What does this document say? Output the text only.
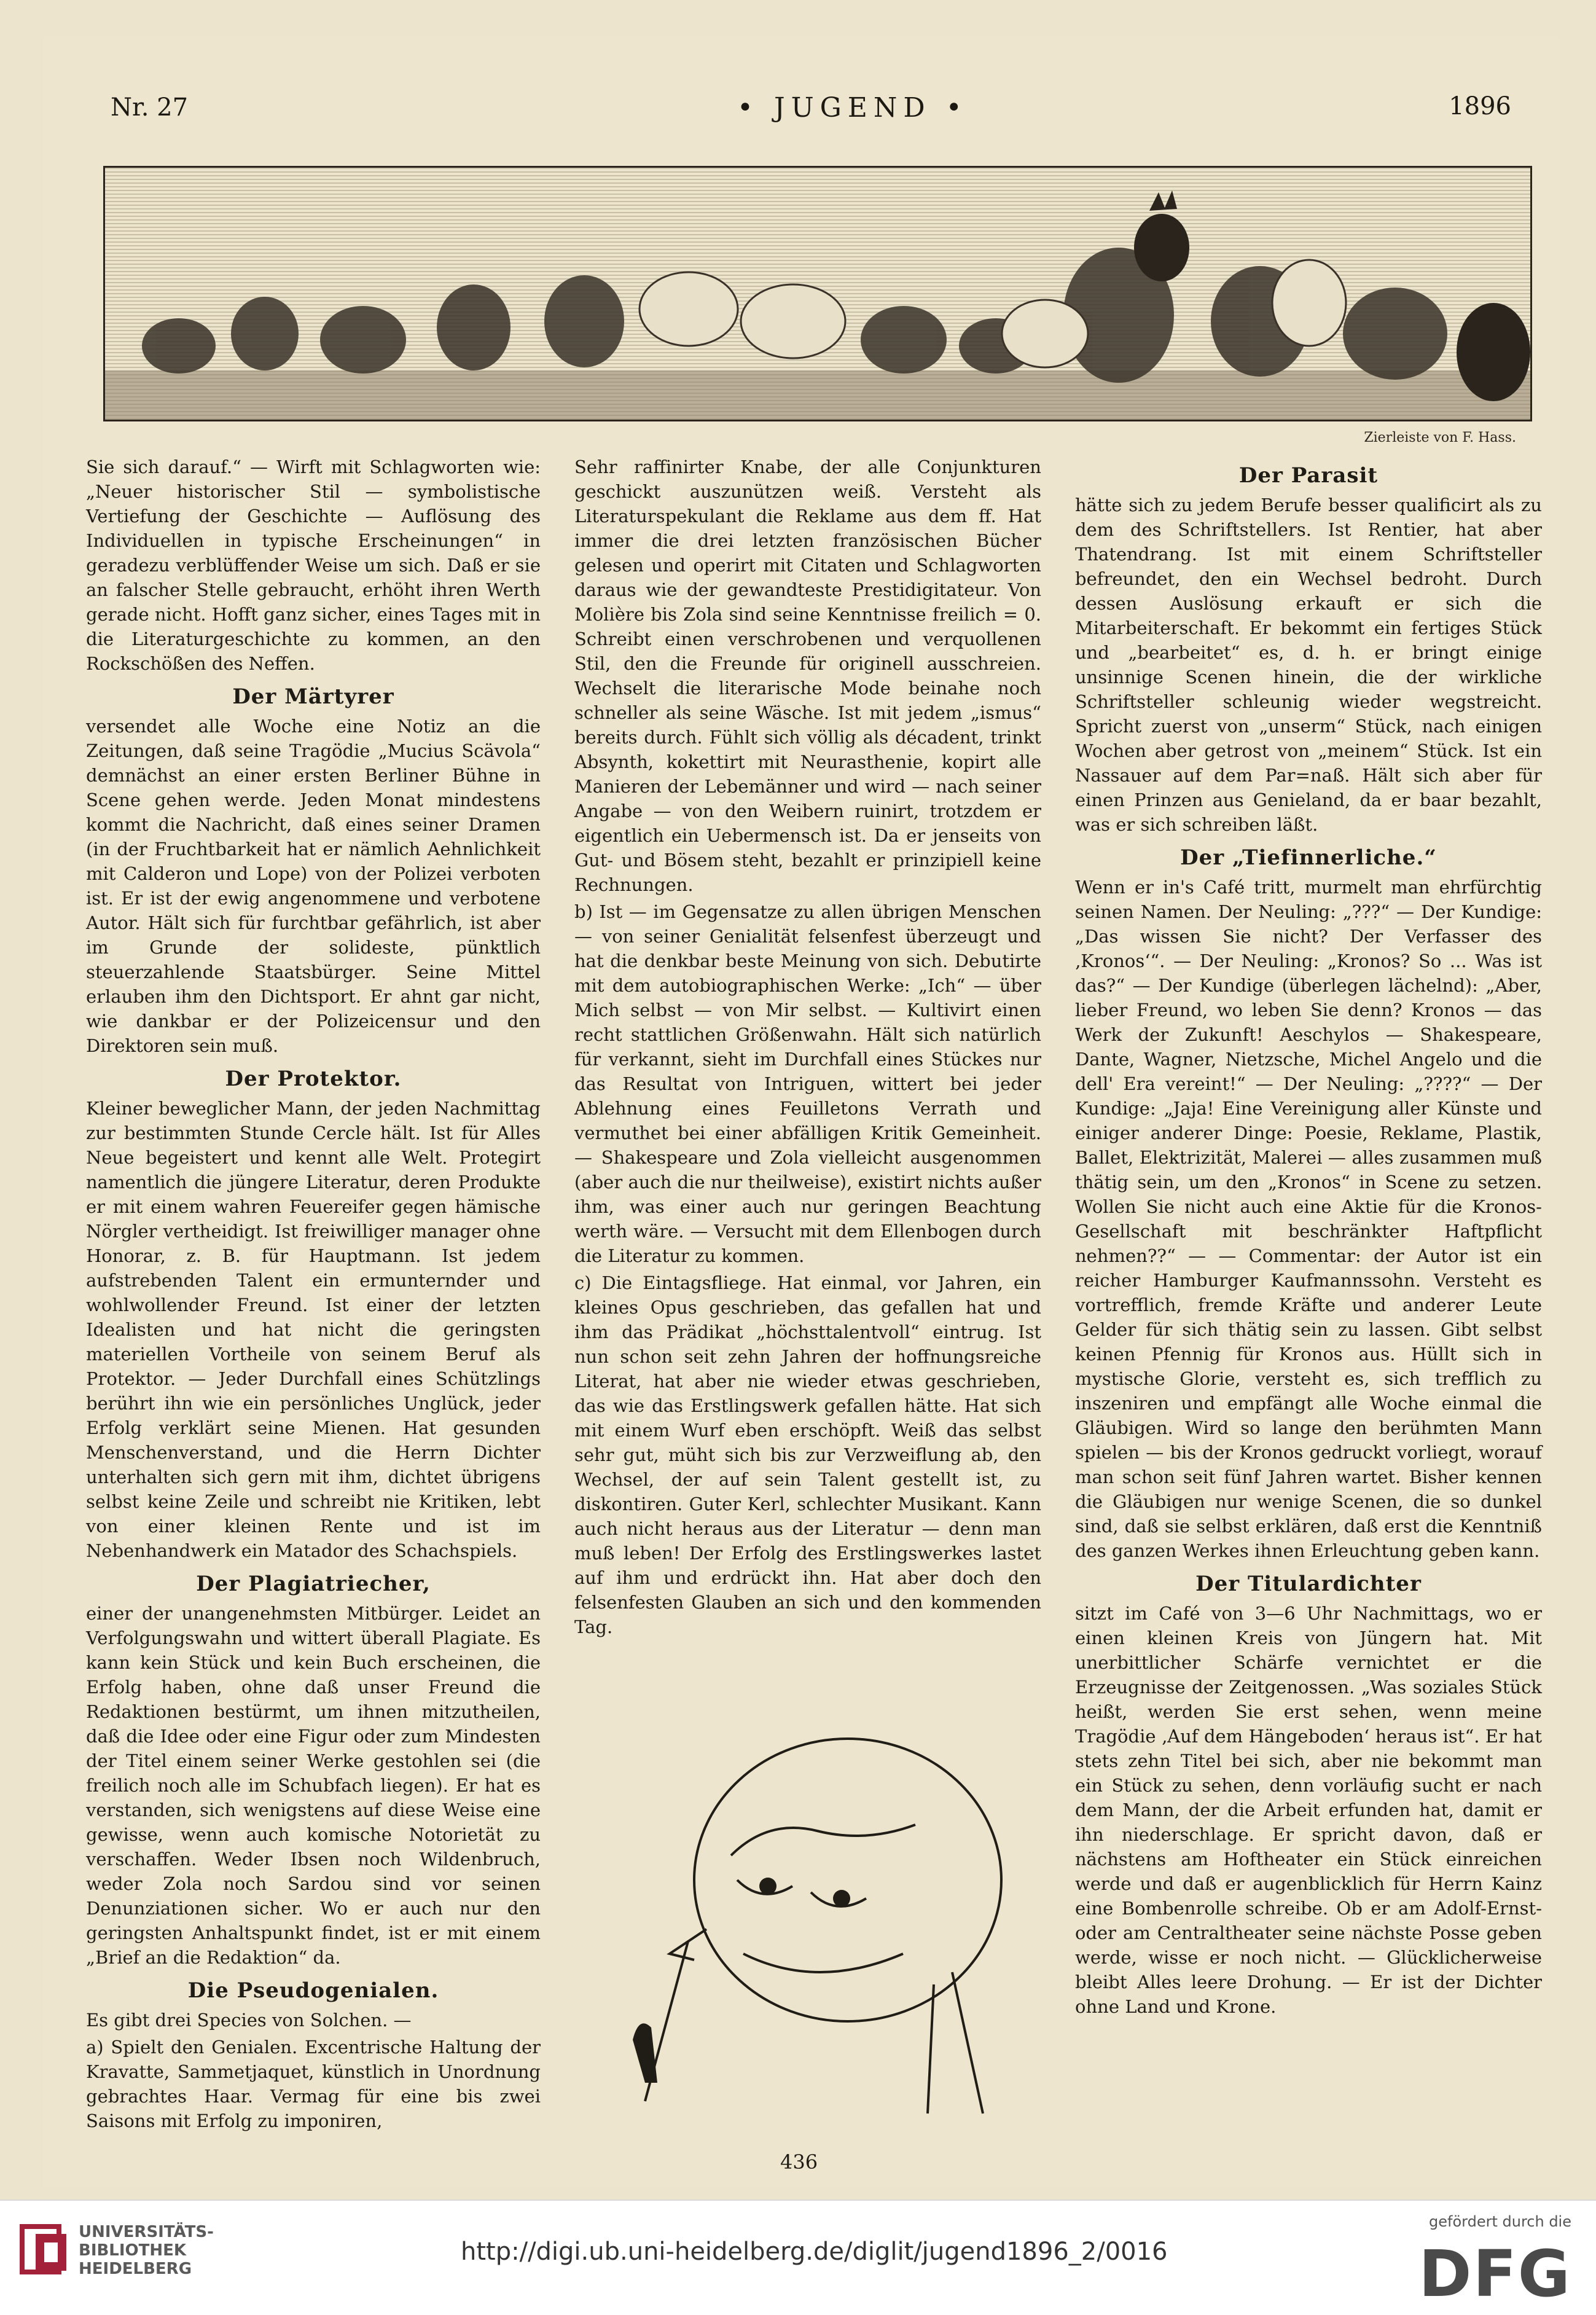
Nr. 27	• JUGEND •	1896
Zierleiste von F. Hass.

Sie sich darauf.“ — Wirft mit Schlagworten wie: „Neuer historischer Stil — symbolistische Vertiefung der Geschichte — Auflösung des Individuellen in typische Erscheinungen“ in geradezu verblüffender Weise um sich. Daß er sie an falscher Stelle gebraucht, erhöht ihren Werth gerade nicht. Hofft ganz sicher, eines Tages mit in die Literaturgeschichte zu kommen, an den Rockschößen des Neffen.

Der Märtyrer

versendet alle Woche eine Notiz an die Zeitungen, daß seine Tragödie „Mucius Scävola“ demnächst an einer ersten Berliner Bühne in Scene gehen werde. Jeden Monat mindestens kommt die Nachricht, daß eines seiner Dramen (in der Fruchtbarkeit hat er nämlich Aehnlichkeit mit Calderon und Lope) von der Polizei verboten ist. Er ist der ewig angenommene und verbotene Autor. Hält sich für furchtbar gefährlich, ist aber im Grunde der solideste, pünktlich steuerzahlende Staatsbürger. Seine Mittel erlauben ihm den Dichtsport. Er ahnt gar nicht, wie dankbar er der Polizeicensur und den Direktoren sein muß.

Der Protektor.

Kleiner beweglicher Mann, der jeden Nachmittag zur bestimmten Stunde Cercle hält. Ist für Alles Neue begeistert und kennt alle Welt. Protegirt namentlich die jüngere Literatur, deren Produkte er mit einem wahren Feuereifer gegen hämische Nörgler vertheidigt. Ist freiwilliger manager ohne Honorar, z. B. für Hauptmann. Ist jedem aufstrebenden Talent ein ermunternder und wohlwollender Freund. Ist einer der letzten Idealisten und hat nicht die geringsten materiellen Vortheile von seinem Beruf als Protektor. — Jeder Durchfall eines Schützlings berührt ihn wie ein persönliches Unglück, jeder Erfolg verklärt seine Mienen. Hat gesunden Menschenverstand, und die Herrn Dichter unterhalten sich gern mit ihm, dichtet übrigens selbst keine Zeile und schreibt nie Kritiken, lebt von einer kleinen Rente und ist im Nebenhandwerk ein Matador des Schachspiels.

Der Plagiatriecher,

einer der unangenehmsten Mitbürger. Leidet an Verfolgungswahn und wittert überall Plagiate. Es kann kein Stück und kein Buch erscheinen, die Erfolg haben, ohne daß unser Freund die Redaktionen bestürmt, um ihnen mitzutheilen, daß die Idee oder eine Figur oder zum Mindesten der Titel einem seiner Werke gestohlen sei (die freilich noch alle im Schubfach liegen). Er hat es verstanden, sich wenigstens auf diese Weise eine gewisse, wenn auch komische Notorietät zu verschaffen. Weder Ibsen noch Wildenbruch, weder Zola noch Sardou sind vor seinen Denunziationen sicher. Wo er auch nur den geringsten Anhaltspunkt findet, ist er mit einem „Brief an die Redaktion“ da.

Die Pseudogenialen.

Es gibt drei Species von Solchen. —

a) Spielt den Genialen. Excentrische Haltung der Kravatte, Sammetjaquet, künstlich in Unordnung gebrachtes Haar. Vermag für eine bis zwei Saisons mit Erfolg zu imponiren,

Sehr raffinirter Knabe, der alle Conjunkturen geschickt auszunützen weiß. Versteht als Literaturspekulant die Reklame aus dem ff. Hat immer die drei letzten französischen Bücher gelesen und operirt mit Citaten und Schlagworten daraus wie der gewandteste Prestidigitateur. Von Molière bis Zola sind seine Kenntnisse freilich = 0. Schreibt einen verschrobenen und verquollenen Stil, den die Freunde für originell ausschreien. Wechselt die literarische Mode beinahe noch schneller als seine Wäsche. Ist mit jedem „ismus“ bereits durch. Fühlt sich völlig als décadent, trinkt Absynth, kokettirt mit Neurasthenie, kopirt alle Manieren der Lebemänner und wird — nach seiner Angabe — von den Weibern ruinirt, trotzdem er eigentlich ein Uebermensch ist. Da er jenseits von Gut- und Bösem steht, bezahlt er prinzipiell keine Rechnungen.

b) Ist — im Gegensatze zu allen übrigen Menschen — von seiner Genialität felsenfest überzeugt und hat die denkbar beste Meinung von sich. Debutirte mit dem autobiographischen Werke: „Ich“ — über Mich selbst — von Mir selbst. — Kultivirt einen recht stattlichen Größenwahn. Hält sich natürlich für verkannt, sieht im Durchfall eines Stückes nur das Resultat von Intriguen, wittert bei jeder Ablehnung eines Feuilletons Verrath und vermuthet bei einer abfälligen Kritik Gemeinheit. — Shakespeare und Zola vielleicht ausgenommen (aber auch die nur theilweise), existirt nichts außer ihm, was einer auch nur geringen Beachtung werth wäre. — Versucht mit dem Ellenbogen durch die Literatur zu kommen.

c) Die Eintagsfliege. Hat einmal, vor Jahren, ein kleines Opus geschrieben, das gefallen hat und ihm das Prädikat „höchsttalentvoll“ eintrug. Ist nun schon seit zehn Jahren der hoffnungsreiche Literat, hat aber nie wieder etwas geschrieben, das wie das Erstlingswerk gefallen hätte. Hat sich mit einem Wurf eben erschöpft. Weiß das selbst sehr gut, müht sich bis zur Verzweiflung ab, den Wechsel, der auf sein Talent gestellt ist, zu diskontiren. Guter Kerl, schlechter Musikant. Kann auch nicht heraus aus der Literatur — denn man muß leben! Der Erfolg des Erstlingswerkes lastet auf ihm und erdrückt ihn. Hat aber doch den felsenfesten Glauben an sich und den kommenden Tag.

Der Parasit

hätte sich zu jedem Berufe besser qualificirt als zu dem des Schriftstellers. Ist Rentier, hat aber Thatendrang. Ist mit einem Schriftsteller befreundet, den ein Wechsel bedroht. Durch dessen Auslösung erkauft er sich die Mitarbeiterschaft. Er bekommt ein fertiges Stück und „bearbeitet“ es, d. h. er bringt einige unsinnige Scenen hinein, die der wirkliche Schriftsteller schleunig wieder wegstreicht. Spricht zuerst von „unserm“ Stück, nach einigen Wochen aber getrost von „meinem“ Stück. Ist ein Nassauer auf dem Par=naß. Hält sich aber für einen Prinzen aus Genieland, da er baar bezahlt, was er sich schreiben läßt.

Der „Tiefinnerliche.“

Wenn er in's Café tritt, murmelt man ehrfürchtig seinen Namen. Der Neuling: „???“ — Der Kundige: „Das wissen Sie nicht? Der Verfasser des ‚Kronos‘“. — Der Neuling: „Kronos? So ... Was ist das?“ — Der Kundige (überlegen lächelnd): „Aber, lieber Freund, wo leben Sie denn? Kronos — das Werk der Zukunft! Aeschylos — Shakespeare, Dante, Wagner, Nietzsche, Michel Angelo und die dell' Era vereint!“ — Der Neuling: „????“ — Der Kundige: „Jaja! Eine Vereinigung aller Künste und einiger anderer Dinge: Poesie, Reklame, Plastik, Ballet, Elektrizität, Malerei — alles zusammen muß thätig sein, um den „Kronos“ in Scene zu setzen. Wollen Sie nicht auch eine Aktie für die Kronos-Gesellschaft mit beschränkter Haftpflicht nehmen??“ — — Commentar: der Autor ist ein reicher Hamburger Kaufmannssohn. Versteht es vortrefflich, fremde Kräfte und anderer Leute Gelder für sich thätig sein zu lassen. Gibt selbst keinen Pfennig für Kronos aus. Hüllt sich in mystische Glorie, versteht es, sich trefflich zu inszeniren und empfängt alle Woche einmal die Gläubigen. Wird so lange den berühmten Mann spielen — bis der Kronos gedruckt vorliegt, worauf man schon seit fünf Jahren wartet. Bisher kennen die Gläubigen nur wenige Scenen, die so dunkel sind, daß sie selbst erklären, daß erst die Kenntniß des ganzen Werkes ihnen Erleuchtung geben kann.

Der Titulardichter

sitzt im Café von 3—6 Uhr Nachmittags, wo er einen kleinen Kreis von Jüngern hat. Mit unerbittlicher Schärfe vernichtet er die Erzeugnisse der Zeitgenossen. „Was soziales Stück heißt, werden Sie erst sehen, wenn meine Tragödie ‚Auf dem Hängeboden‘ heraus ist“. Er hat stets zehn Titel bei sich, aber nie bekommt man ein Stück zu sehen, denn vorläufig sucht er nach dem Mann, der die Arbeit erfunden hat, damit er ihn niederschlage. Er spricht davon, daß er nächstens am Hoftheater ein Stück einreichen werde und daß er augenblicklich für Herrn Kainz eine Bombenrolle schreibe. Ob er am Adolf-Ernst- oder am Centraltheater seine nächste Posse geben werde, wisse er noch nicht. — Glücklicherweise bleibt Alles leere Drohung. — Er ist der Dichter ohne Land und Krone.

436
UNIVERSITÄTS-
BIBLIOTHEK
HEIDELBERG
http://digi.ub.uni-heidelberg.de/diglit/jugend1896_2/0016
gefördert durch die
DFG
